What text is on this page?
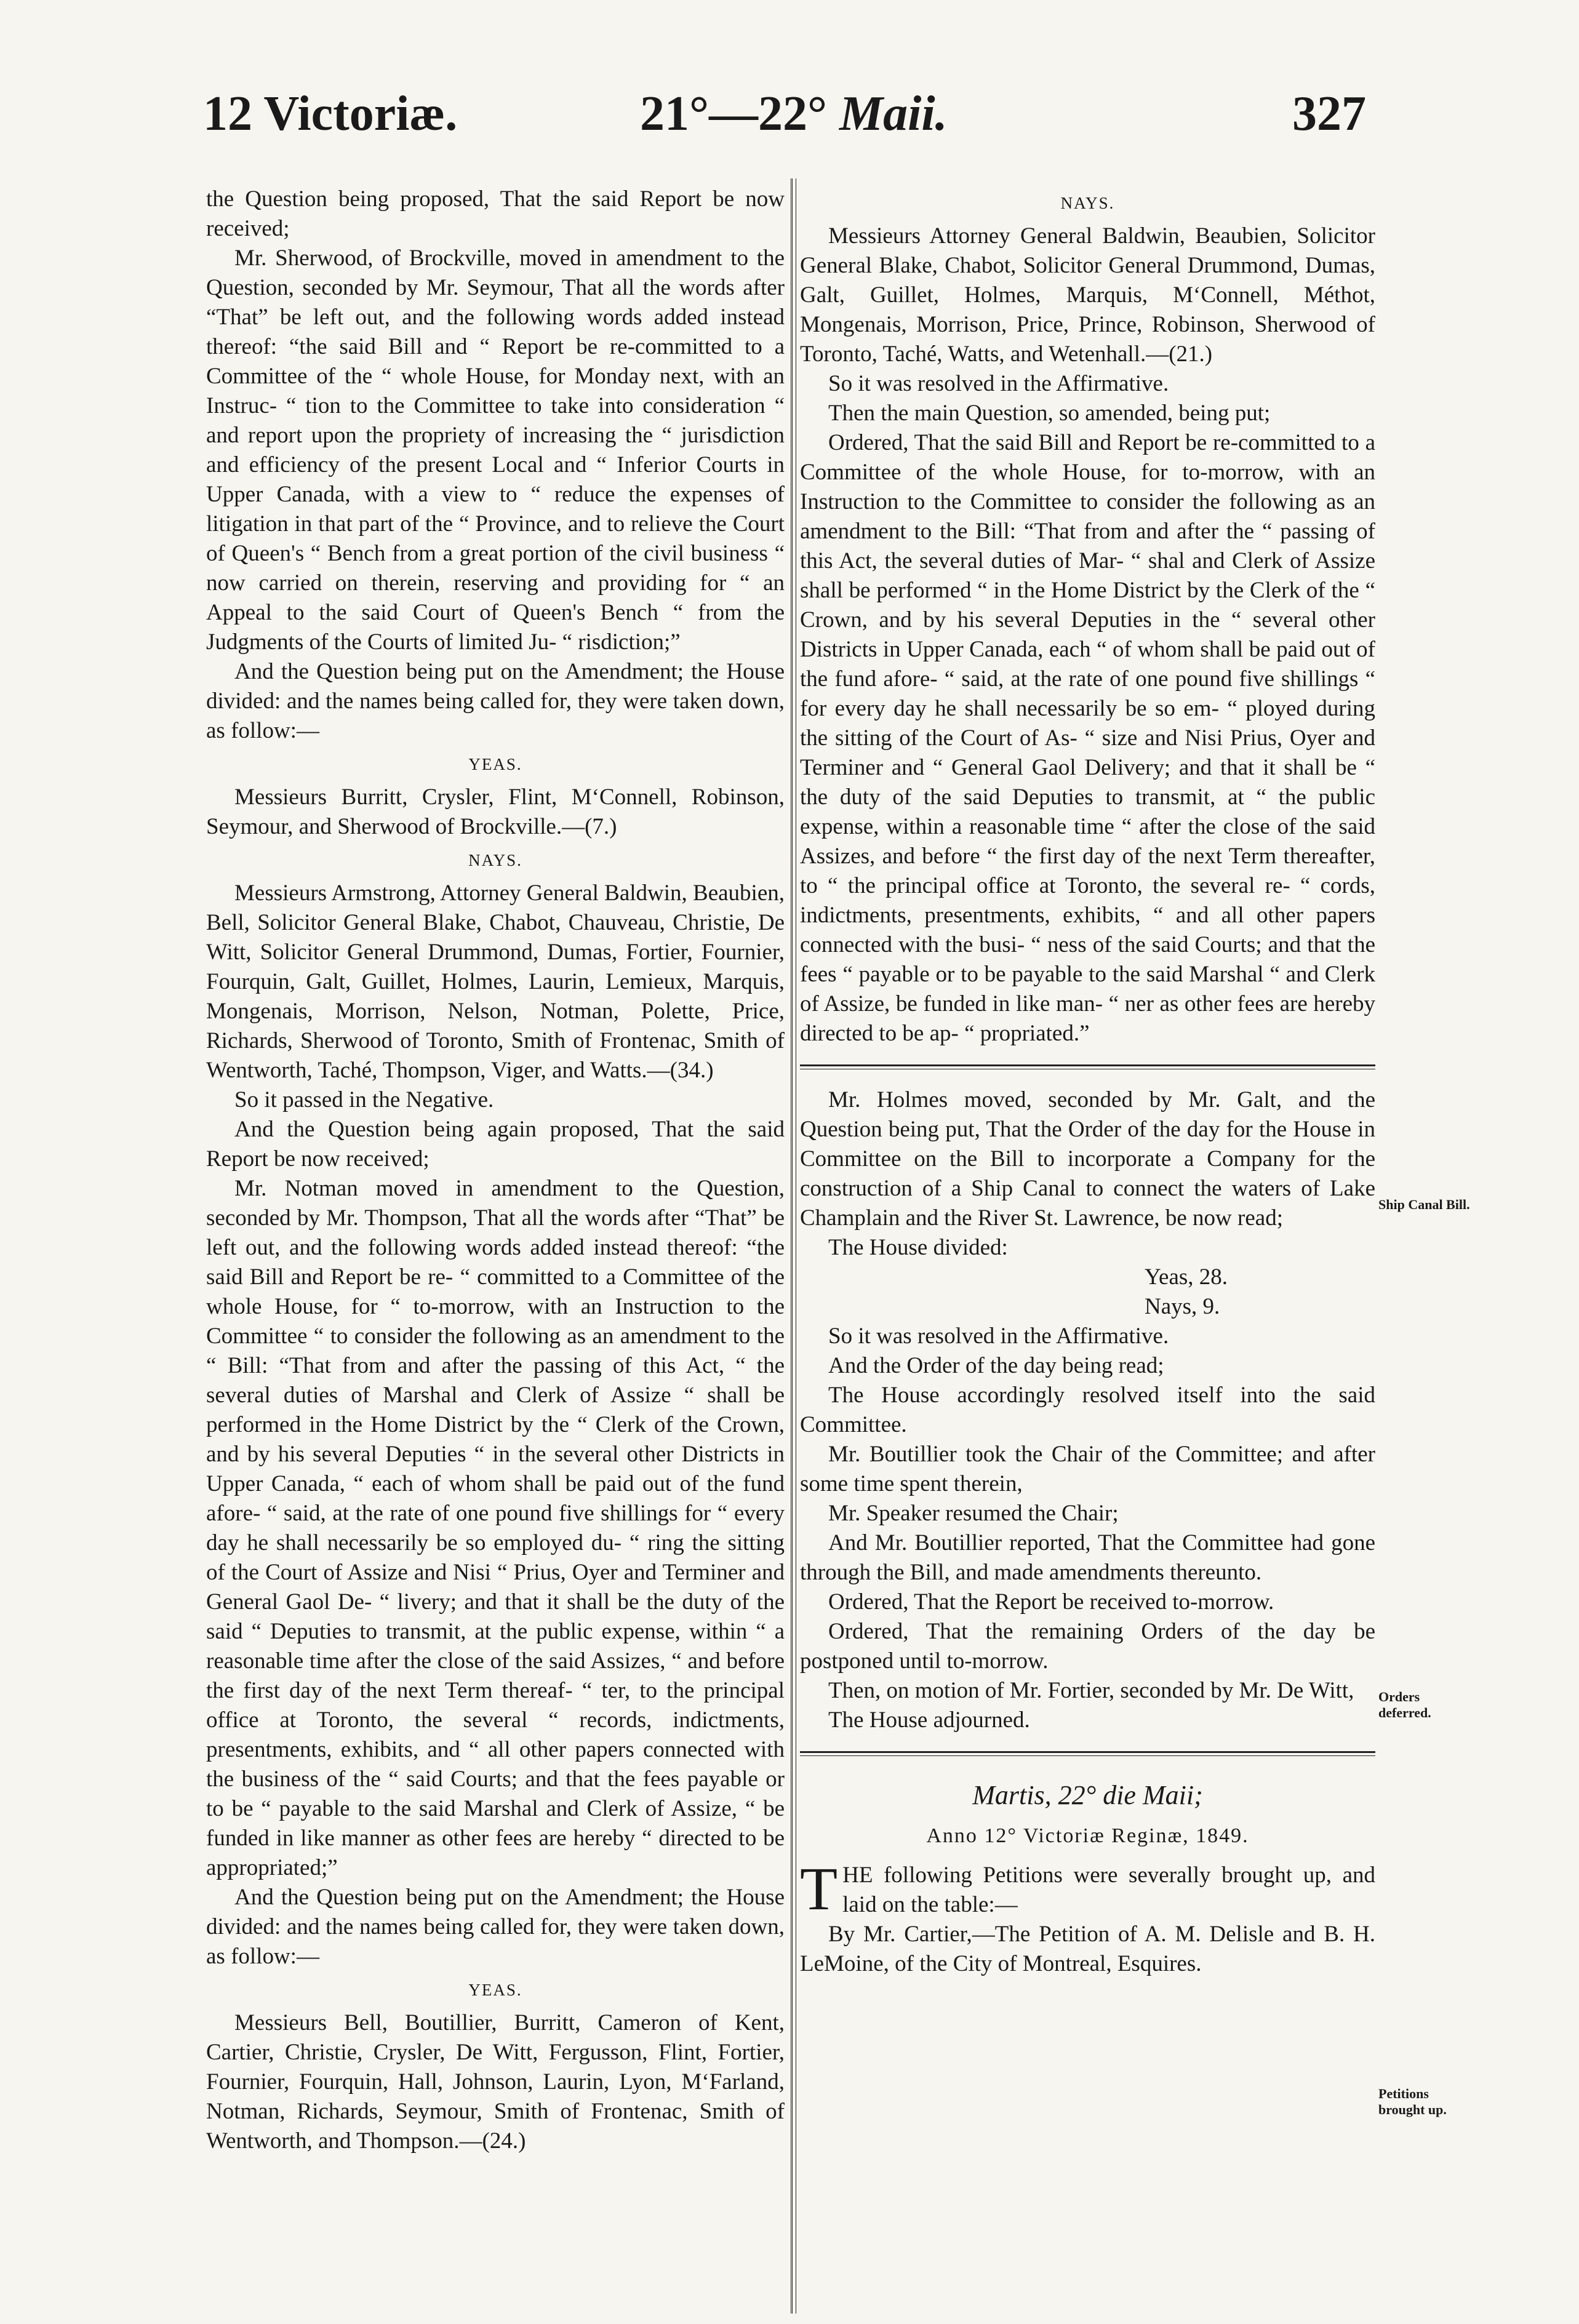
12 Victoriæ.	21°—22° Maii.	327

the Question being proposed, That the said Report be now received;

Mr. Sherwood, of Brockville, moved in amendment to the Question, seconded by Mr. Seymour, That all the words after “That” be left out, and the following words added instead thereof: “the said Bill and “ Report be re-committed to a Committee of the “ whole House, for Monday next, with an Instruc- “ tion to the Committee to take into consideration “ and report upon the propriety of increasing the “ jurisdiction and efficiency of the present Local and “ Inferior Courts in Upper Canada, with a view to “ reduce the expenses of litigation in that part of the “ Province, and to relieve the Court of Queen's “ Bench from a great portion of the civil business “ now carried on therein, reserving and providing for “ an Appeal to the said Court of Queen's Bench “ from the Judgments of the Courts of limited Ju- “ risdiction;”

And the Question being put on the Amendment; the House divided: and the names being called for, they were taken down, as follow:—

YEAS.

Messieurs Burritt, Crysler, Flint, M‘Connell, Robinson, Seymour, and Sherwood of Brockville.—(7.)

NAYS.

Messieurs Armstrong, Attorney General Baldwin, Beaubien, Bell, Solicitor General Blake, Chabot, Chauveau, Christie, De Witt, Solicitor General Drummond, Dumas, Fortier, Fournier, Fourquin, Galt, Guillet, Holmes, Laurin, Lemieux, Marquis, Mongenais, Morrison, Nelson, Notman, Polette, Price, Richards, Sherwood of Toronto, Smith of Frontenac, Smith of Wentworth, Taché, Thompson, Viger, and Watts.—(34.)

So it passed in the Negative.

And the Question being again proposed, That the said Report be now received;

Mr. Notman moved in amendment to the Question, seconded by Mr. Thompson, That all the words after “That” be left out, and the following words added instead thereof: “the said Bill and Report be re- “ committed to a Committee of the whole House, for “ to-morrow, with an Instruction to the Committee “ to consider the following as an amendment to the “ Bill: “That from and after the passing of this Act, “ the several duties of Marshal and Clerk of Assize “ shall be performed in the Home District by the “ Clerk of the Crown, and by his several Deputies “ in the several other Districts in Upper Canada, “ each of whom shall be paid out of the fund afore- “ said, at the rate of one pound five shillings for “ every day he shall necessarily be so employed du- “ ring the sitting of the Court of Assize and Nisi “ Prius, Oyer and Terminer and General Gaol De- “ livery; and that it shall be the duty of the said “ Deputies to transmit, at the public expense, within “ a reasonable time after the close of the said Assizes, “ and before the first day of the next Term thereaf- “ ter, to the principal office at Toronto, the several “ records, indictments, presentments, exhibits, and “ all other papers connected with the business of the “ said Courts; and that the fees payable or to be “ payable to the said Marshal and Clerk of Assize, “ be funded in like manner as other fees are hereby “ directed to be appropriated;”

And the Question being put on the Amendment; the House divided: and the names being called for, they were taken down, as follow:—

YEAS.

Messieurs Bell, Boutillier, Burritt, Cameron of Kent, Cartier, Christie, Crysler, De Witt, Fergusson, Flint, Fortier, Fournier, Fourquin, Hall, Johnson, Laurin, Lyon, M‘Farland, Notman, Richards, Seymour, Smith of Frontenac, Smith of Wentworth, and Thompson.—(24.)

NAYS.

Messieurs Attorney General Baldwin, Beaubien, Solicitor General Blake, Chabot, Solicitor General Drummond, Dumas, Galt, Guillet, Holmes, Marquis, M‘Connell, Méthot, Mongenais, Morrison, Price, Prince, Robinson, Sherwood of Toronto, Taché, Watts, and Wetenhall.—(21.)

So it was resolved in the Affirmative.

Then the main Question, so amended, being put;

Ordered, That the said Bill and Report be re-committed to a Committee of the whole House, for to-morrow, with an Instruction to the Committee to consider the following as an amendment to the Bill: “That from and after the “ passing of this Act, the several duties of Mar- “ shal and Clerk of Assize shall be performed “ in the Home District by the Clerk of the “ Crown, and by his several Deputies in the “ several other Districts in Upper Canada, each “ of whom shall be paid out of the fund afore- “ said, at the rate of one pound five shillings “ for every day he shall necessarily be so em- “ ployed during the sitting of the Court of As- “ size and Nisi Prius, Oyer and Terminer and “ General Gaol Delivery; and that it shall be “ the duty of the said Deputies to transmit, at “ the public expense, within a reasonable time “ after the close of the said Assizes, and before “ the first day of the next Term thereafter, to “ the principal office at Toronto, the several re- “ cords, indictments, presentments, exhibits, “ and all other papers connected with the busi- “ ness of the said Courts; and that the fees “ payable or to be payable to the said Marshal “ and Clerk of Assize, be funded in like man- “ ner as other fees are hereby directed to be ap- “ propriated.”

Mr. Holmes moved, seconded by Mr. Galt, and the Question being put, That the Order of the day for the House in Committee on the Bill to incorporate a Company for the construction of a Ship Canal to connect the waters of Lake Champlain and the River St. Lawrence, be now read;

The House divided:

Yeas, 28.

Nays, 9.

So it was resolved in the Affirmative.

And the Order of the day being read;

The House accordingly resolved itself into the said Committee.

Mr. Boutillier took the Chair of the Committee; and after some time spent therein,

Mr. Speaker resumed the Chair;

And Mr. Boutillier reported, That the Committee had gone through the Bill, and made amendments thereunto.

Ordered, That the Report be received to-morrow.

Ordered, That the remaining Orders of the day be postponed until to-morrow.

Then, on motion of Mr. Fortier, seconded by Mr. De Witt,

The House adjourned.

Martis, 22° die Maii;
Anno 12° Victoriæ Reginæ, 1849.

THE following Petitions were severally brought up, and laid on the table:—

By Mr. Cartier,—The Petition of A. M. Delisle and B. H. LeMoine, of the City of Montreal, Esquires.

Ship Canal Bill.
Orders deferred.
Petitions brought up.
